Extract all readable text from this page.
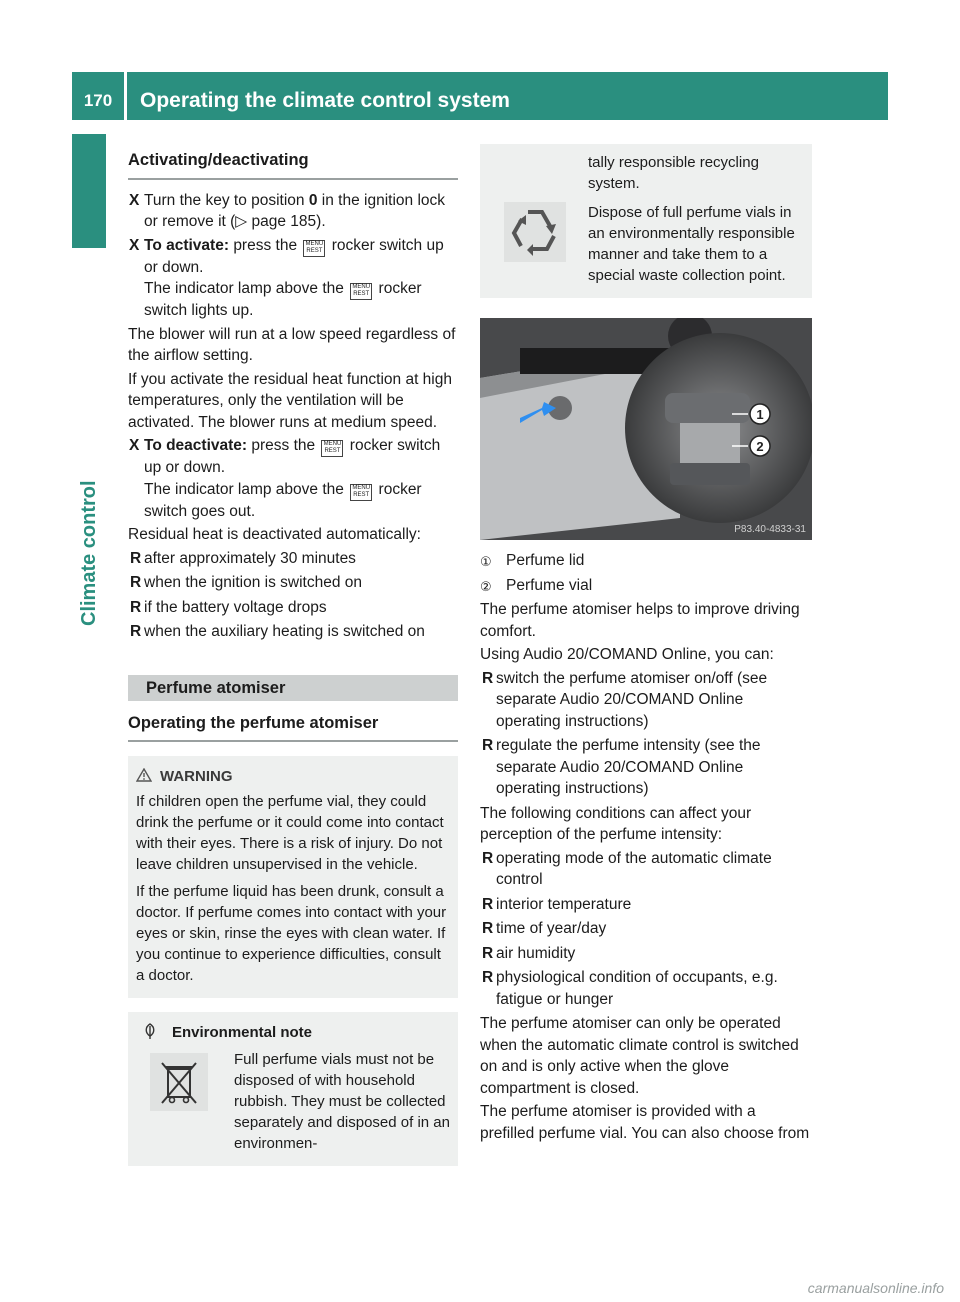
170	Operating the climate control system
Climate control
Activating/deactivating
X Turn the key to position 0 in the ignition lock or remove it (▷ page 185).
X To activate: press the MENU
REST rocker switch up or down.
The indicator lamp above the MENU
REST rocker switch lights up.

The blower will run at a low speed regardless of the airflow setting.

If you activate the residual heat function at high temperatures, only the ventilation will be activated. The blower runs at medium speed.

X To deactivate: press the MENU
REST rocker switch up or down.
The indicator lamp above the MENU
REST rocker switch goes out.

Residual heat is deactivated automatically:

R after approximately 30 minutes
R when the ignition is switched on
R if the battery voltage drops
R when the auxiliary heating is switched on
Perfume atomiser
Operating the perfume atomiser
WARNING

If children open the perfume vial, they could drink the perfume or it could come into contact with their eyes. There is a risk of injury. Do not leave children unsupervised in the vehicle.

If the perfume liquid has been drunk, consult a doctor. If perfume comes into contact with your eyes or skin, rinse the eyes with clean water. If you continue to experience difficulties, consult a doctor.

Environmental note

Full perfume vials must not be disposed of with household rubbish. They must be collected separately and disposed of in an environmen-

tally responsible recycling system.

Dispose of full perfume vials in an environmentally responsible manner and take them to a special waste collection point.

1
2
P83.40-4833-31
① Perfume lid
② Perfume vial

The perfume atomiser helps to improve driving comfort.

Using Audio 20/COMAND Online, you can:

R switch the perfume atomiser on/off (see separate Audio 20/COMAND Online operating instructions)
R regulate the perfume intensity (see the separate Audio 20/COMAND Online operating instructions)

The following conditions can affect your perception of the perfume intensity:

R operating mode of the automatic climate control
R interior temperature
R time of year/day
R air humidity
R physiological condition of occupants, e.g. fatigue or hunger

The perfume atomiser can only be operated when the automatic climate control is switched on and is only active when the glove compartment is closed.

The perfume atomiser is provided with a prefilled perfume vial. You can also choose from

carmanualsonline.info
